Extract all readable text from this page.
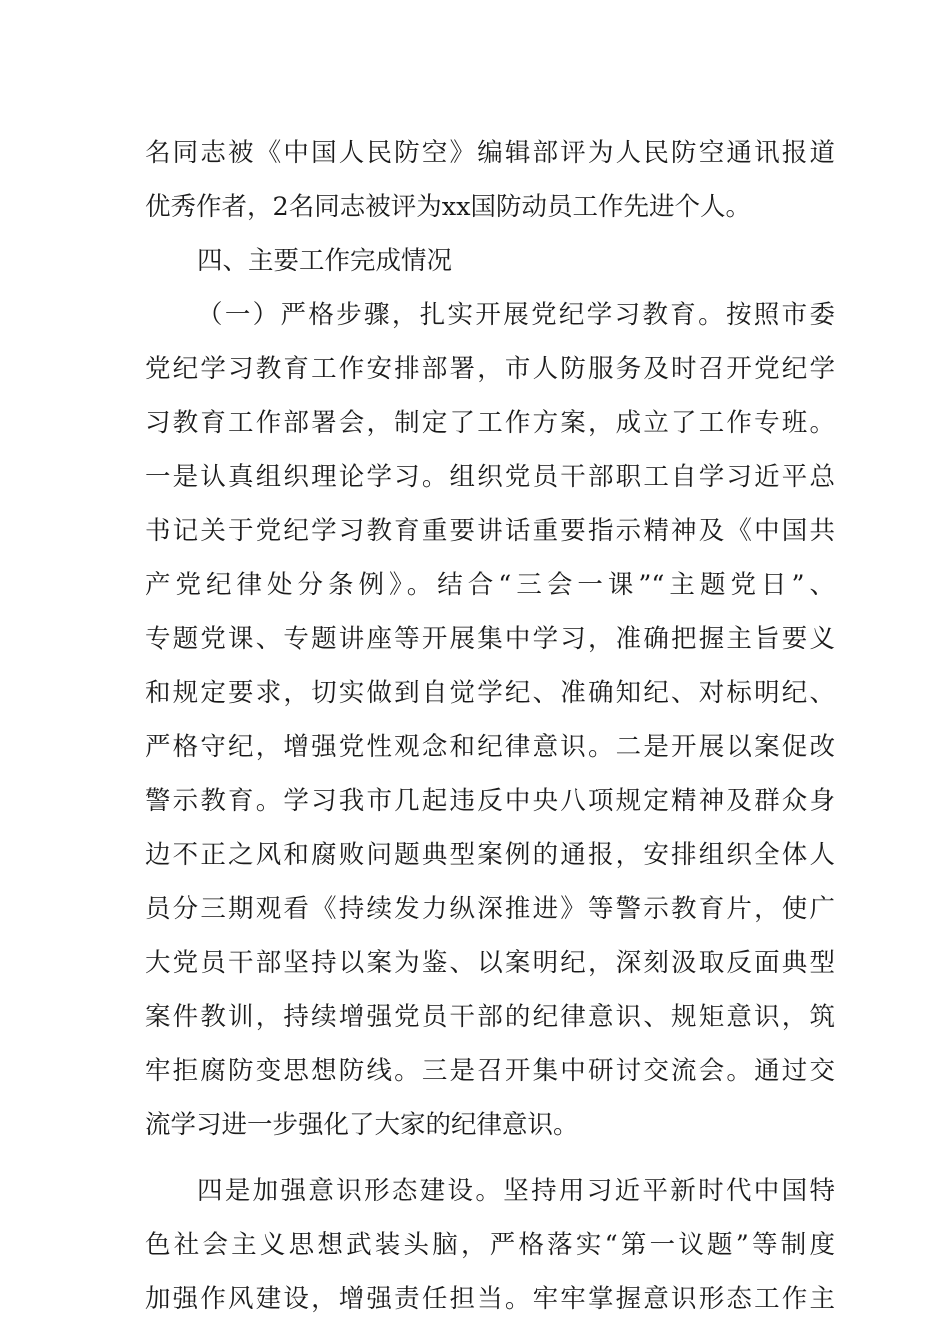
名同志被《中国人民防空》编辑部评为人民防空通讯报道
优秀作者，2名同志被评为xx国防动员工作先进个人。
四、主要工作完成情况
（一）严格步骤，扎实开展党纪学习教育。按照市委
党纪学习教育工作安排部署，市人防服务及时召开党纪学
习教育工作部署会，制定了工作方案，成立了工作专班。
一是认真组织理论学习。组织党员干部职工自学习近平总
书记关于党纪学习教育重要讲话重要指示精神及《中国共
产党纪律处分条例》。结合“三会一课”“主题党日”、
专题党课、专题讲座等开展集中学习，准确把握主旨要义
和规定要求，切实做到自觉学纪、准确知纪、对标明纪、
严格守纪，增强党性观念和纪律意识。二是开展以案促改
警示教育。学习我市几起违反中央八项规定精神及群众身
边不正之风和腐败问题典型案例的通报，安排组织全体人
员分三期观看《持续发力纵深推进》等警示教育片，使广
大党员干部坚持以案为鉴、以案明纪，深刻汲取反面典型
案件教训，持续增强党员干部的纪律意识、规矩意识，筑
牢拒腐防变思想防线。三是召开集中研讨交流会。通过交
流学习进一步强化了大家的纪律意识。
四是加强意识形态建设。坚持用习近平新时代中国特
色社会主义思想武装头脑，严格落实“第一议题”等制度
加强作风建设，增强责任担当。牢牢掌握意识形态工作主
